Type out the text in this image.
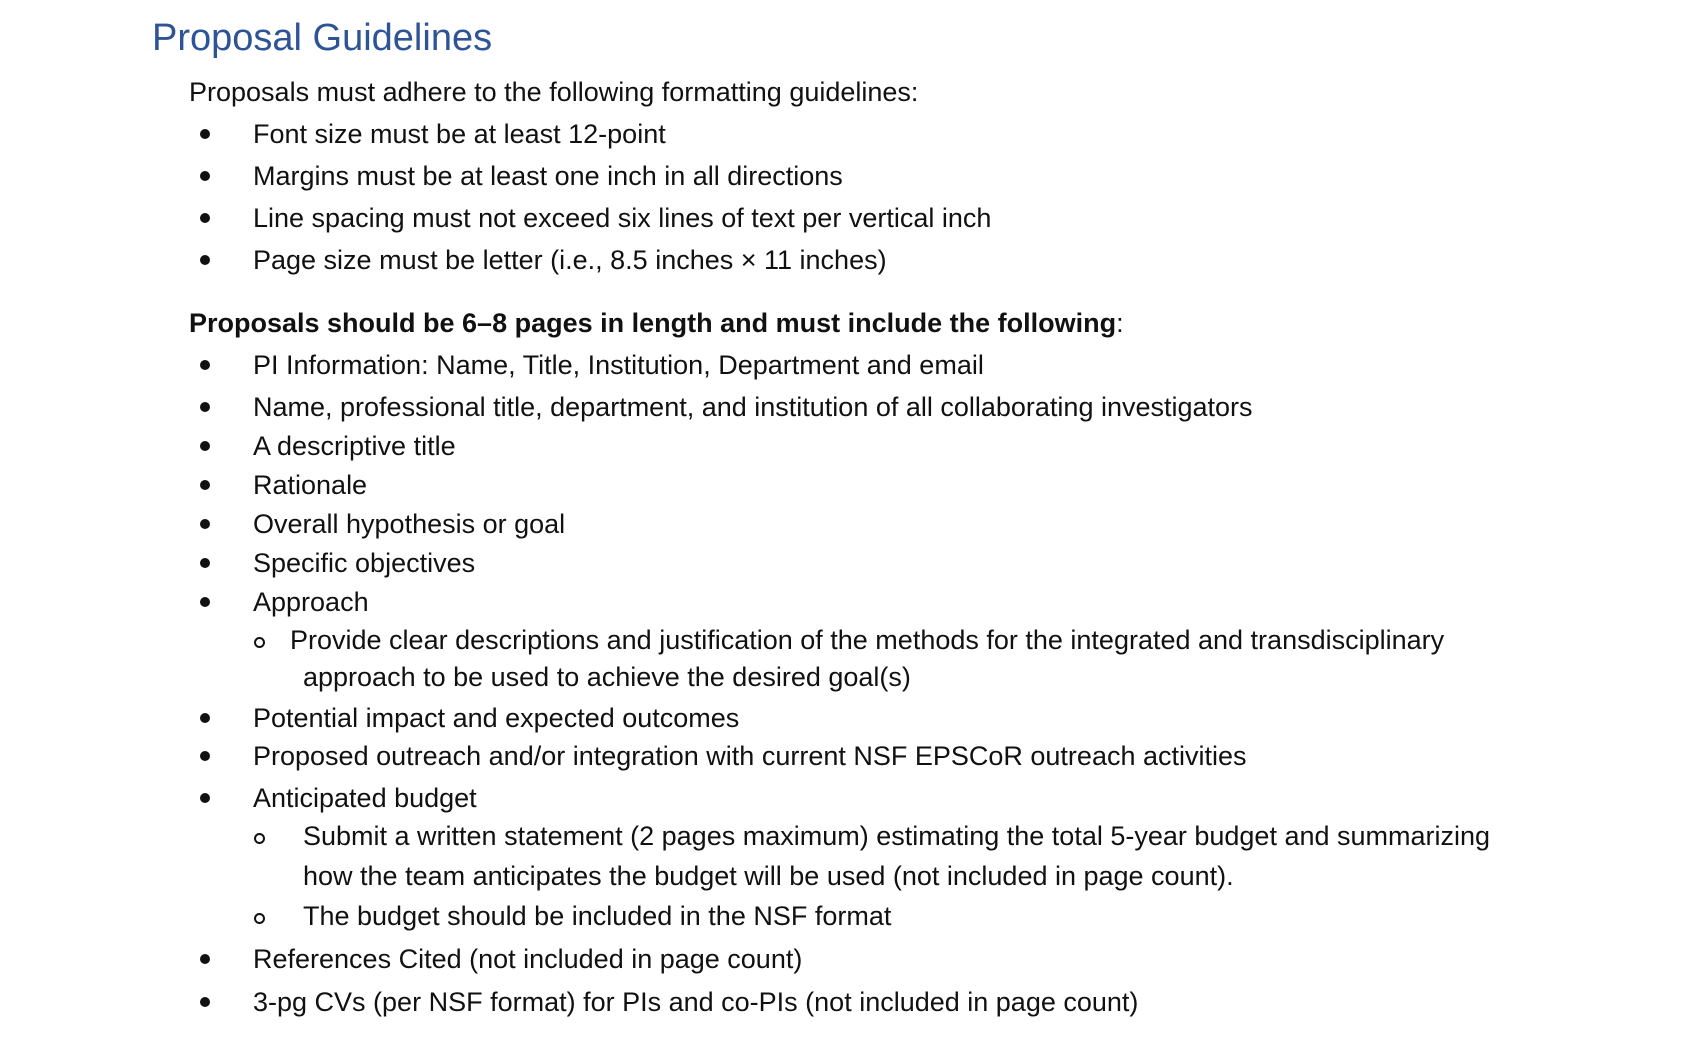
Proposal Guidelines
Proposals must adhere to the following formatting guidelines:
Font size must be at least 12-point
Margins must be at least one inch in all directions
Line spacing must not exceed six lines of text per vertical inch
Page size must be letter (i.e., 8.5 inches × 11 inches)
Proposals should be 6–8 pages in length and must include the following:
PI Information: Name, Title, Institution, Department and email
Name, professional title, department, and institution of all collaborating investigators
A descriptive title
Rationale
Overall hypothesis or goal
Specific objectives
Approach
Provide clear descriptions and justification of the methods for the integrated and transdisciplinary
approach to be used to achieve the desired goal(s)
Potential impact and expected outcomes
Proposed outreach and/or integration with current NSF EPSCoR outreach activities
Anticipated budget
Submit a written statement (2 pages maximum) estimating the total 5-year budget and summarizing
how the team anticipates the budget will be used (not included in page count).
The budget should be included in the NSF format
References Cited (not included in page count)
3-pg CVs (per NSF format) for PIs and co-PIs (not included in page count)
